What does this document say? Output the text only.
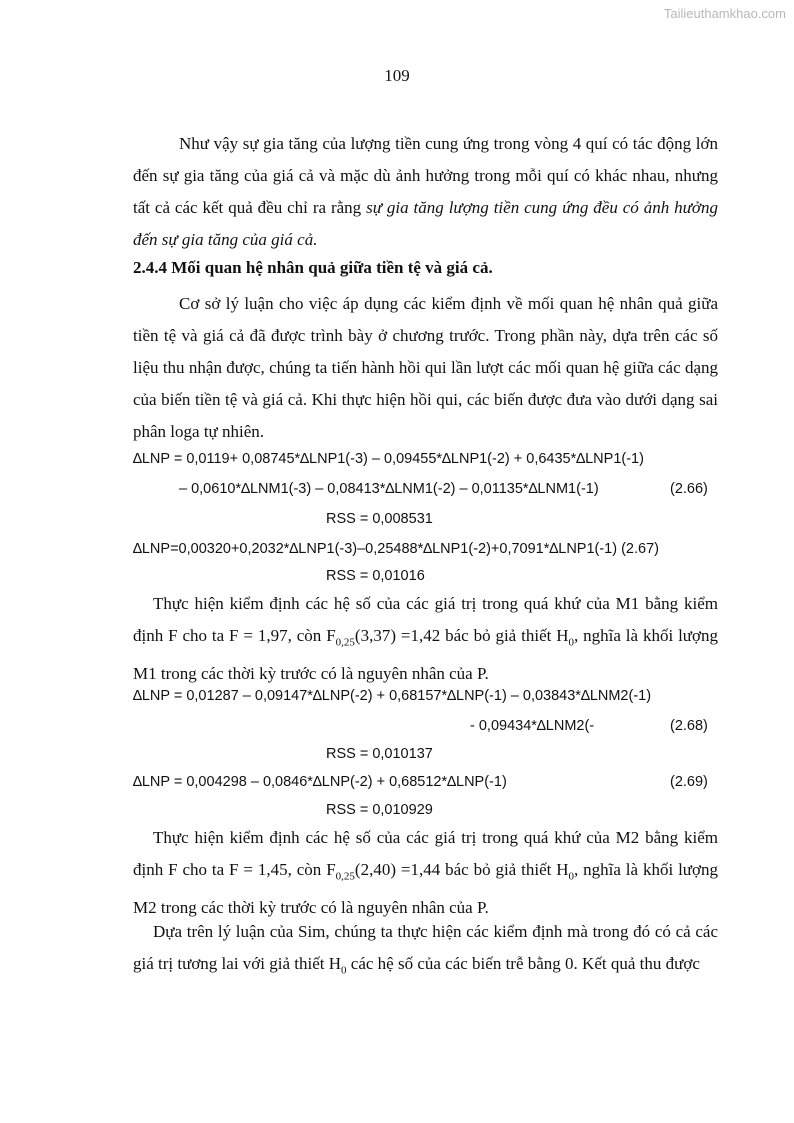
Tailieuthamkhao.com
109
Như vậy sự gia tăng của lượng tiền cung ứng trong vòng 4 quí có tác động lớn đến sự gia tăng của giá cả và mặc dù ảnh hưởng trong mỗi quí có khác nhau, nhưng tất cả các kết quả đều chỉ ra rằng sự gia tăng lượng tiền cung ứng đều có ảnh hưởng đến sự gia tăng của giá cả.
2.4.4 Mối quan hệ nhân quả giữa tiền tệ và giá cả.
Cơ sở lý luận cho việc áp dụng các kiểm định về mối quan hệ nhân quả giữa tiền tệ và giá cả đã được trình bày ở chương trước. Trong phần này, dựa trên các số liệu thu nhận được, chúng ta tiến hành hồi qui lần lượt các mối quan hệ giữa các dạng của biến tiền tệ và giá cả. Khi thực hiện hồi qui, các biến được đưa vào dưới dạng sai phân loga tự nhiên.
∆LNP = 0,0119+ 0,08745*∆LNP1(-3) – 0,09455*∆LNP1(-2) + 0,6435*∆LNP1(-1)
– 0,0610*∆LNM1(-3) – 0,08413*∆LNM1(-2) – 0,01135*∆LNM1(-1)	(2.66)
RSS = 0,008531
∆LNP=0,00320+0,2032*∆LNP1(-3)–0,25488*∆LNP1(-2)+0,7091*∆LNP1(-1) (2.67)
RSS = 0,01016
Thực hiện kiểm định các hệ số của các giá trị trong quá khứ của M1 bằng kiểm định F cho ta F = 1,97, còn $F_{0,25}(3,37) =1,42$ bác bỏ giả thiết $H_0$, nghĩa là khối lượng M1 trong các thời kỳ trước có là nguyên nhân của P.
∆LNP = 0,01287 – 0,09147*∆LNP(-2) + 0,68157*∆LNP(-1) – 0,03843*∆LNM2(-1)
- 0,09434*∆LNM2(-	(2.68)
RSS = 0,010137
∆LNP = 0,004298 – 0,0846*∆LNP(-2) + 0,68512*∆LNP(-1)	(2.69)
RSS = 0,010929
Thực hiện kiểm định các hệ số của các giá trị trong quá khứ của M2 bằng kiểm định F cho ta F = 1,45, còn $F_{0,25}(2,40) =1,44$ bác bỏ giả thiết $H_0$, nghĩa là khối lượng M2 trong các thời kỳ trước có là nguyên nhân của P.
Dựa trên lý luận của Sim, chúng ta thực hiện các kiểm định mà trong đó có cả các giá trị tương lai với giả thiết $H_0$ các hệ số của các biến trễ bằng 0. Kết quả thu được
